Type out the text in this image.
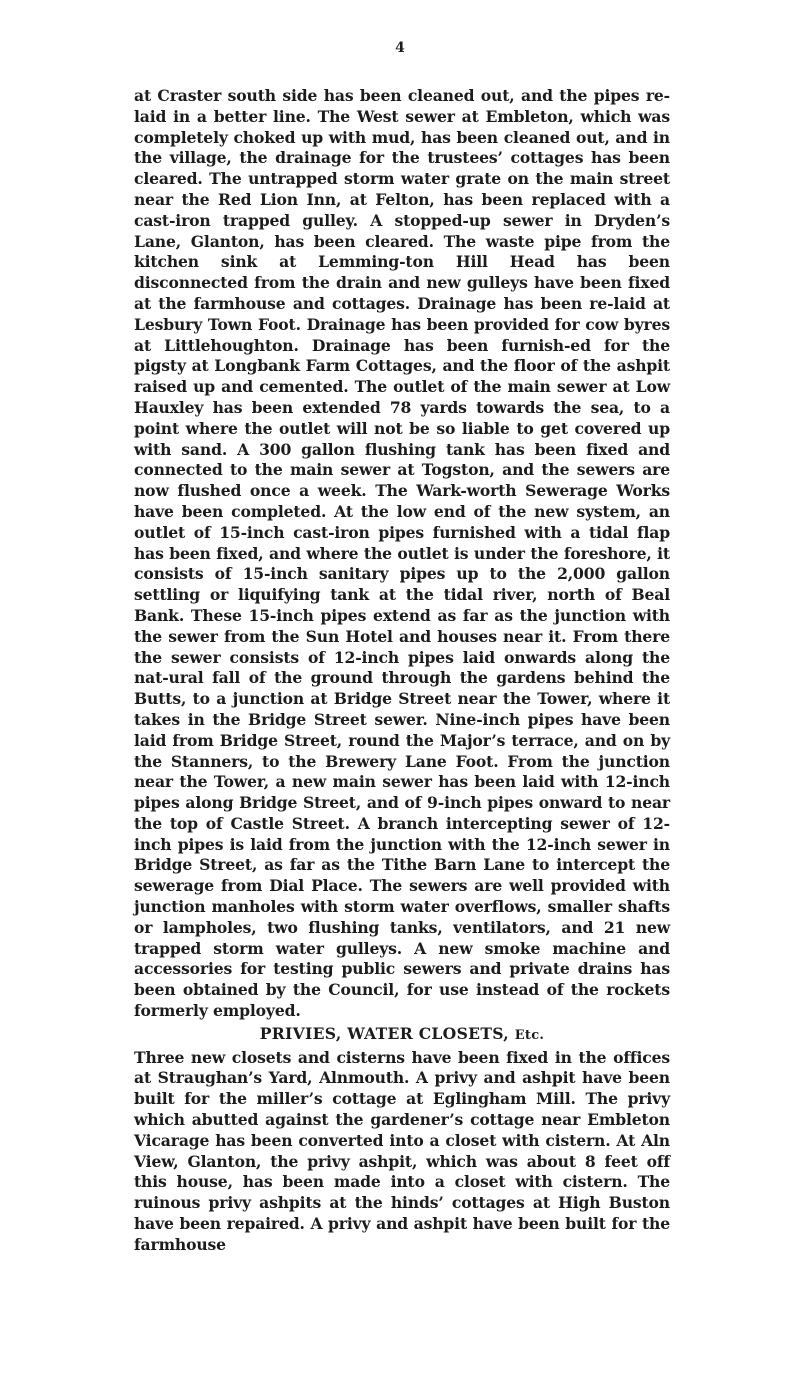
4

at Craster south side has been cleaned out, and the pipes re-laid in a better line. The West sewer at Embleton, which was completely choked up with mud, has been cleaned out, and in the village, the drainage for the trustees’ cottages has been cleared. The untrapped storm water grate on the main street near the Red Lion Inn, at Felton, has been replaced with a cast-iron trapped gulley. A stopped-up sewer in Dryden’s Lane, Glanton, has been cleared. The waste pipe from the kitchen sink at Lemming-ton Hill Head has been disconnected from the drain and new gulleys have been fixed at the farmhouse and cottages. Drainage has been re-laid at Lesbury Town Foot. Drainage has been provided for cow byres at Littlehoughton. Drainage has been furnish-ed for the pigsty at Longbank Farm Cottages, and the floor of the ashpit raised up and cemented. The outlet of the main sewer at Low Hauxley has been extended 78 yards towards the sea, to a point where the outlet will not be so liable to get covered up with sand. A 300 gallon flushing tank has been fixed and connected to the main sewer at Togston, and the sewers are now flushed once a week. The Wark-worth Sewerage Works have been completed. At the low end of the new system, an outlet of 15-inch cast-iron pipes furnished with a tidal flap has been fixed, and where the outlet is under the foreshore, it consists of 15-inch sanitary pipes up to the 2,000 gallon settling or liquifying tank at the tidal river, north of Beal Bank. These 15-inch pipes extend as far as the junction with the sewer from the Sun Hotel and houses near it. From there the sewer consists of 12-inch pipes laid onwards along the nat-ural fall of the ground through the gardens behind the Butts, to a junction at Bridge Street near the Tower, where it takes in the Bridge Street sewer. Nine-inch pipes have been laid from Bridge Street, round the Major’s terrace, and on by the Stanners, to the Brewery Lane Foot. From the junction near the Tower, a new main sewer has been laid with 12-inch pipes along Bridge Street, and of 9-inch pipes onward to near the top of Castle Street. A branch intercepting sewer of 12-inch pipes is laid from the junction with the 12-inch sewer in Bridge Street, as far as the Tithe Barn Lane to intercept the sewerage from Dial Place. The sewers are well provided with junction manholes with storm water overflows, smaller shafts or lampholes, two flushing tanks, ventilators, and 21 new trapped storm water gulleys. A new smoke machine and accessories for testing public sewers and private drains has been obtained by the Council, for use instead of the rockets formerly employed.

PRIVIES, WATER CLOSETS, Etc.

Three new closets and cisterns have been fixed in the offices at Straughan’s Yard, Alnmouth. A privy and ashpit have been built for the miller’s cottage at Eglingham Mill. The privy which abutted against the gardener’s cottage near Embleton Vicarage has been converted into a closet with cistern. At Aln View, Glanton, the privy ashpit, which was about 8 feet off this house, has been made into a closet with cistern. The ruinous privy ashpits at the hinds’ cottages at High Buston have been repaired. A privy and ashpit have been built for the farmhouse
